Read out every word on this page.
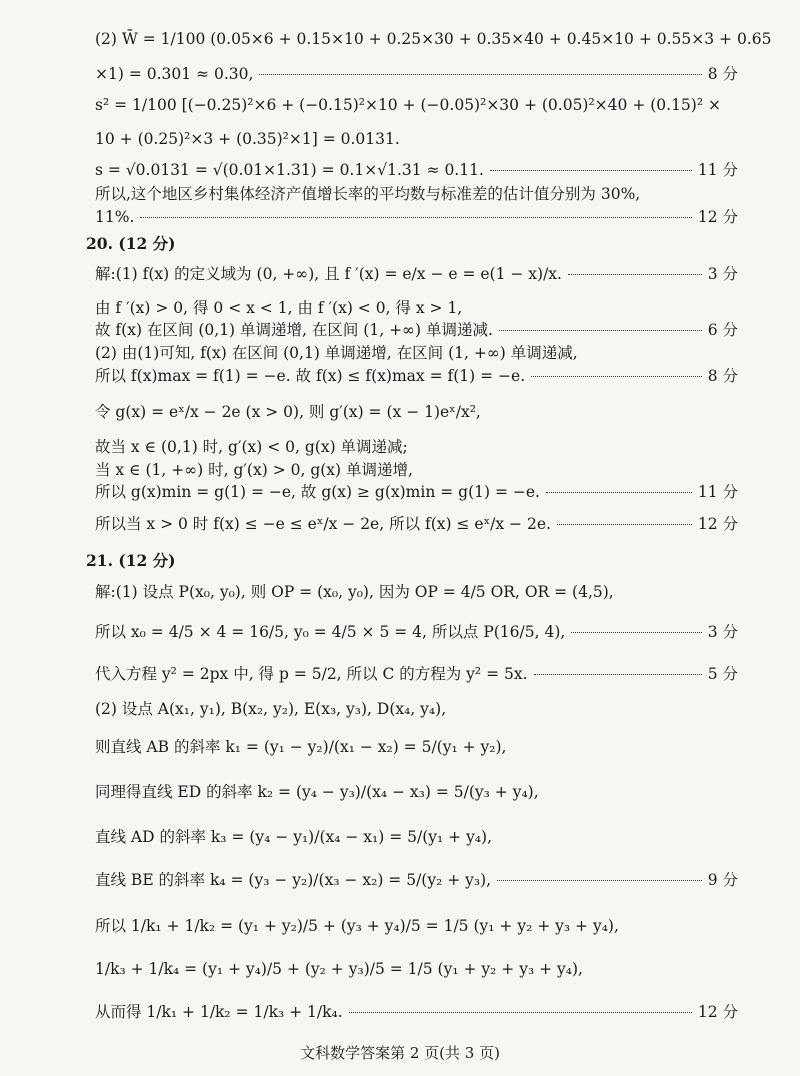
(2) W̄ = 1/100 (0.05×6 + 0.15×10 + 0.25×30 + 0.35×40 + 0.45×10 + 0.55×3 + 0.65
×1) = 0.301 ≈ 0.30,	8 分
s² = 1/100 [(−0.25)²×6 + (−0.15)²×10 + (−0.05)²×30 + (0.05)²×40 + (0.15)² ×
10 + (0.25)²×3 + (0.35)²×1] = 0.0131.
s = √0.0131 = √(0.01×1.31) = 0.1×√1.31 ≈ 0.11.	11 分
所以,这个地区乡村集体经济产值增长率的平均数与标准差的估计值分别为 30%,
11%.	12 分
20. (12 分)
解:(1) f(x) 的定义域为 (0, +∞), 且 f ′(x) = e/x − e = e(1 − x)/x.	3 分
由 f ′(x) > 0, 得 0 < x < 1, 由 f ′(x) < 0, 得 x > 1,
故 f(x) 在区间 (0,1) 单调递增, 在区间 (1, +∞) 单调递减.	6 分
(2) 由(1)可知, f(x) 在区间 (0,1) 单调递增, 在区间 (1, +∞) 单调递减,
所以 f(x)max = f(1) = −e. 故 f(x) ≤ f(x)max = f(1) = −e.	8 分
令 g(x) = eˣ/x − 2e (x > 0), 则 g′(x) = (x − 1)eˣ/x²,
故当 x ∈ (0,1) 时, g′(x) < 0, g(x) 单调递减;
当 x ∈ (1, +∞) 时, g′(x) > 0, g(x) 单调递增,
所以 g(x)min = g(1) = −e, 故 g(x) ≥ g(x)min = g(1) = −e.	11 分
所以当 x > 0 时 f(x) ≤ −e ≤ eˣ/x − 2e, 所以 f(x) ≤ eˣ/x − 2e.	12 分
21. (12 分)
解:(1) 设点 P(x₀, y₀), 则 OP = (x₀, y₀), 因为 OP = 4/5 OR, OR = (4,5),
所以 x₀ = 4/5 × 4 = 16/5, y₀ = 4/5 × 5 = 4, 所以点 P(16/5, 4),	3 分
代入方程 y² = 2px 中, 得 p = 5/2, 所以 C 的方程为 y² = 5x.	5 分
(2) 设点 A(x₁, y₁), B(x₂, y₂), E(x₃, y₃), D(x₄, y₄),
则直线 AB 的斜率 k₁ = (y₁ − y₂)/(x₁ − x₂) = 5/(y₁ + y₂),
同理得直线 ED 的斜率 k₂ = (y₄ − y₃)/(x₄ − x₃) = 5/(y₃ + y₄),
直线 AD 的斜率 k₃ = (y₄ − y₁)/(x₄ − x₁) = 5/(y₁ + y₄),
直线 BE 的斜率 k₄ = (y₃ − y₂)/(x₃ − x₂) = 5/(y₂ + y₃),	9 分
所以 1/k₁ + 1/k₂ = (y₁ + y₂)/5 + (y₃ + y₄)/5 = 1/5 (y₁ + y₂ + y₃ + y₄),
1/k₃ + 1/k₄ = (y₁ + y₄)/5 + (y₂ + y₃)/5 = 1/5 (y₁ + y₂ + y₃ + y₄),
从而得 1/k₁ + 1/k₂ = 1/k₃ + 1/k₄.	12 分
文科数学答案第 2 页(共 3 页)
